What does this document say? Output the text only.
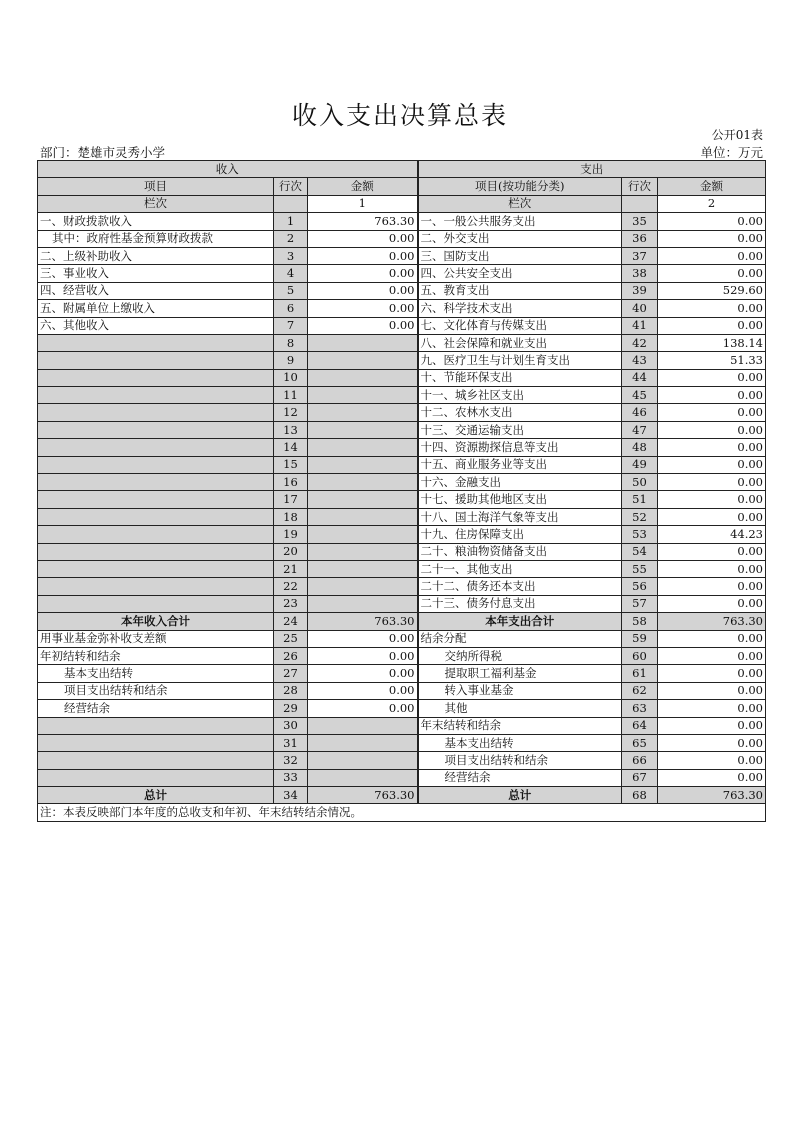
收入支出决算总表
公开01表
部门：楚雄市灵秀小学	单位：万元
收入			支出		
项目	行次	金额	项目(按功能分类)	行次	金额
栏次		1	栏次		2
一、财政拨款收入	1	763.30	一、一般公共服务支出	35	0.00
其中：政府性基金预算财政拨款	2	0.00	二、外交支出	36	0.00
二、上级补助收入	3	0.00	三、国防支出	37	0.00
三、事业收入	4	0.00	四、公共安全支出	38	0.00
四、经营收入	5	0.00	五、教育支出	39	529.60
五、附属单位上缴收入	6	0.00	六、科学技术支出	40	0.00
六、其他收入	7	0.00	七、文化体育与传媒支出	41	0.00
	8		八、社会保障和就业支出	42	138.14
	9		九、医疗卫生与计划生育支出	43	51.33
	10		十、节能环保支出	44	0.00
	11		十一、城乡社区支出	45	0.00
	12		十二、农林水支出	46	0.00
	13		十三、交通运输支出	47	0.00
	14		十四、资源勘探信息等支出	48	0.00
	15		十五、商业服务业等支出	49	0.00
	16		十六、金融支出	50	0.00
	17		十七、援助其他地区支出	51	0.00
	18		十八、国土海洋气象等支出	52	0.00
	19		十九、住房保障支出	53	44.23
	20		二十、粮油物资储备支出	54	0.00
	21		二十一、其他支出	55	0.00
	22		二十二、债务还本支出	56	0.00
	23		二十三、债务付息支出	57	0.00
本年收入合计	24	763.30	本年支出合计	58	763.30
用事业基金弥补收支差额	25	0.00	结余分配	59	0.00
年初结转和结余	26	0.00	交纳所得税	60	0.00
基本支出结转	27	0.00	提取职工福利基金	61	0.00
项目支出结转和结余	28	0.00	转入事业基金	62	0.00
经营结余	29	0.00	其他	63	0.00
	30		年末结转和结余	64	0.00
	31		基本支出结转	65	0.00
	32		项目支出结转和结余	66	0.00
	33		经营结余	67	0.00
总计	34	763.30	总计	68	763.30
注：本表反映部门本年度的总收支和年初、年末结转结余情况。					
